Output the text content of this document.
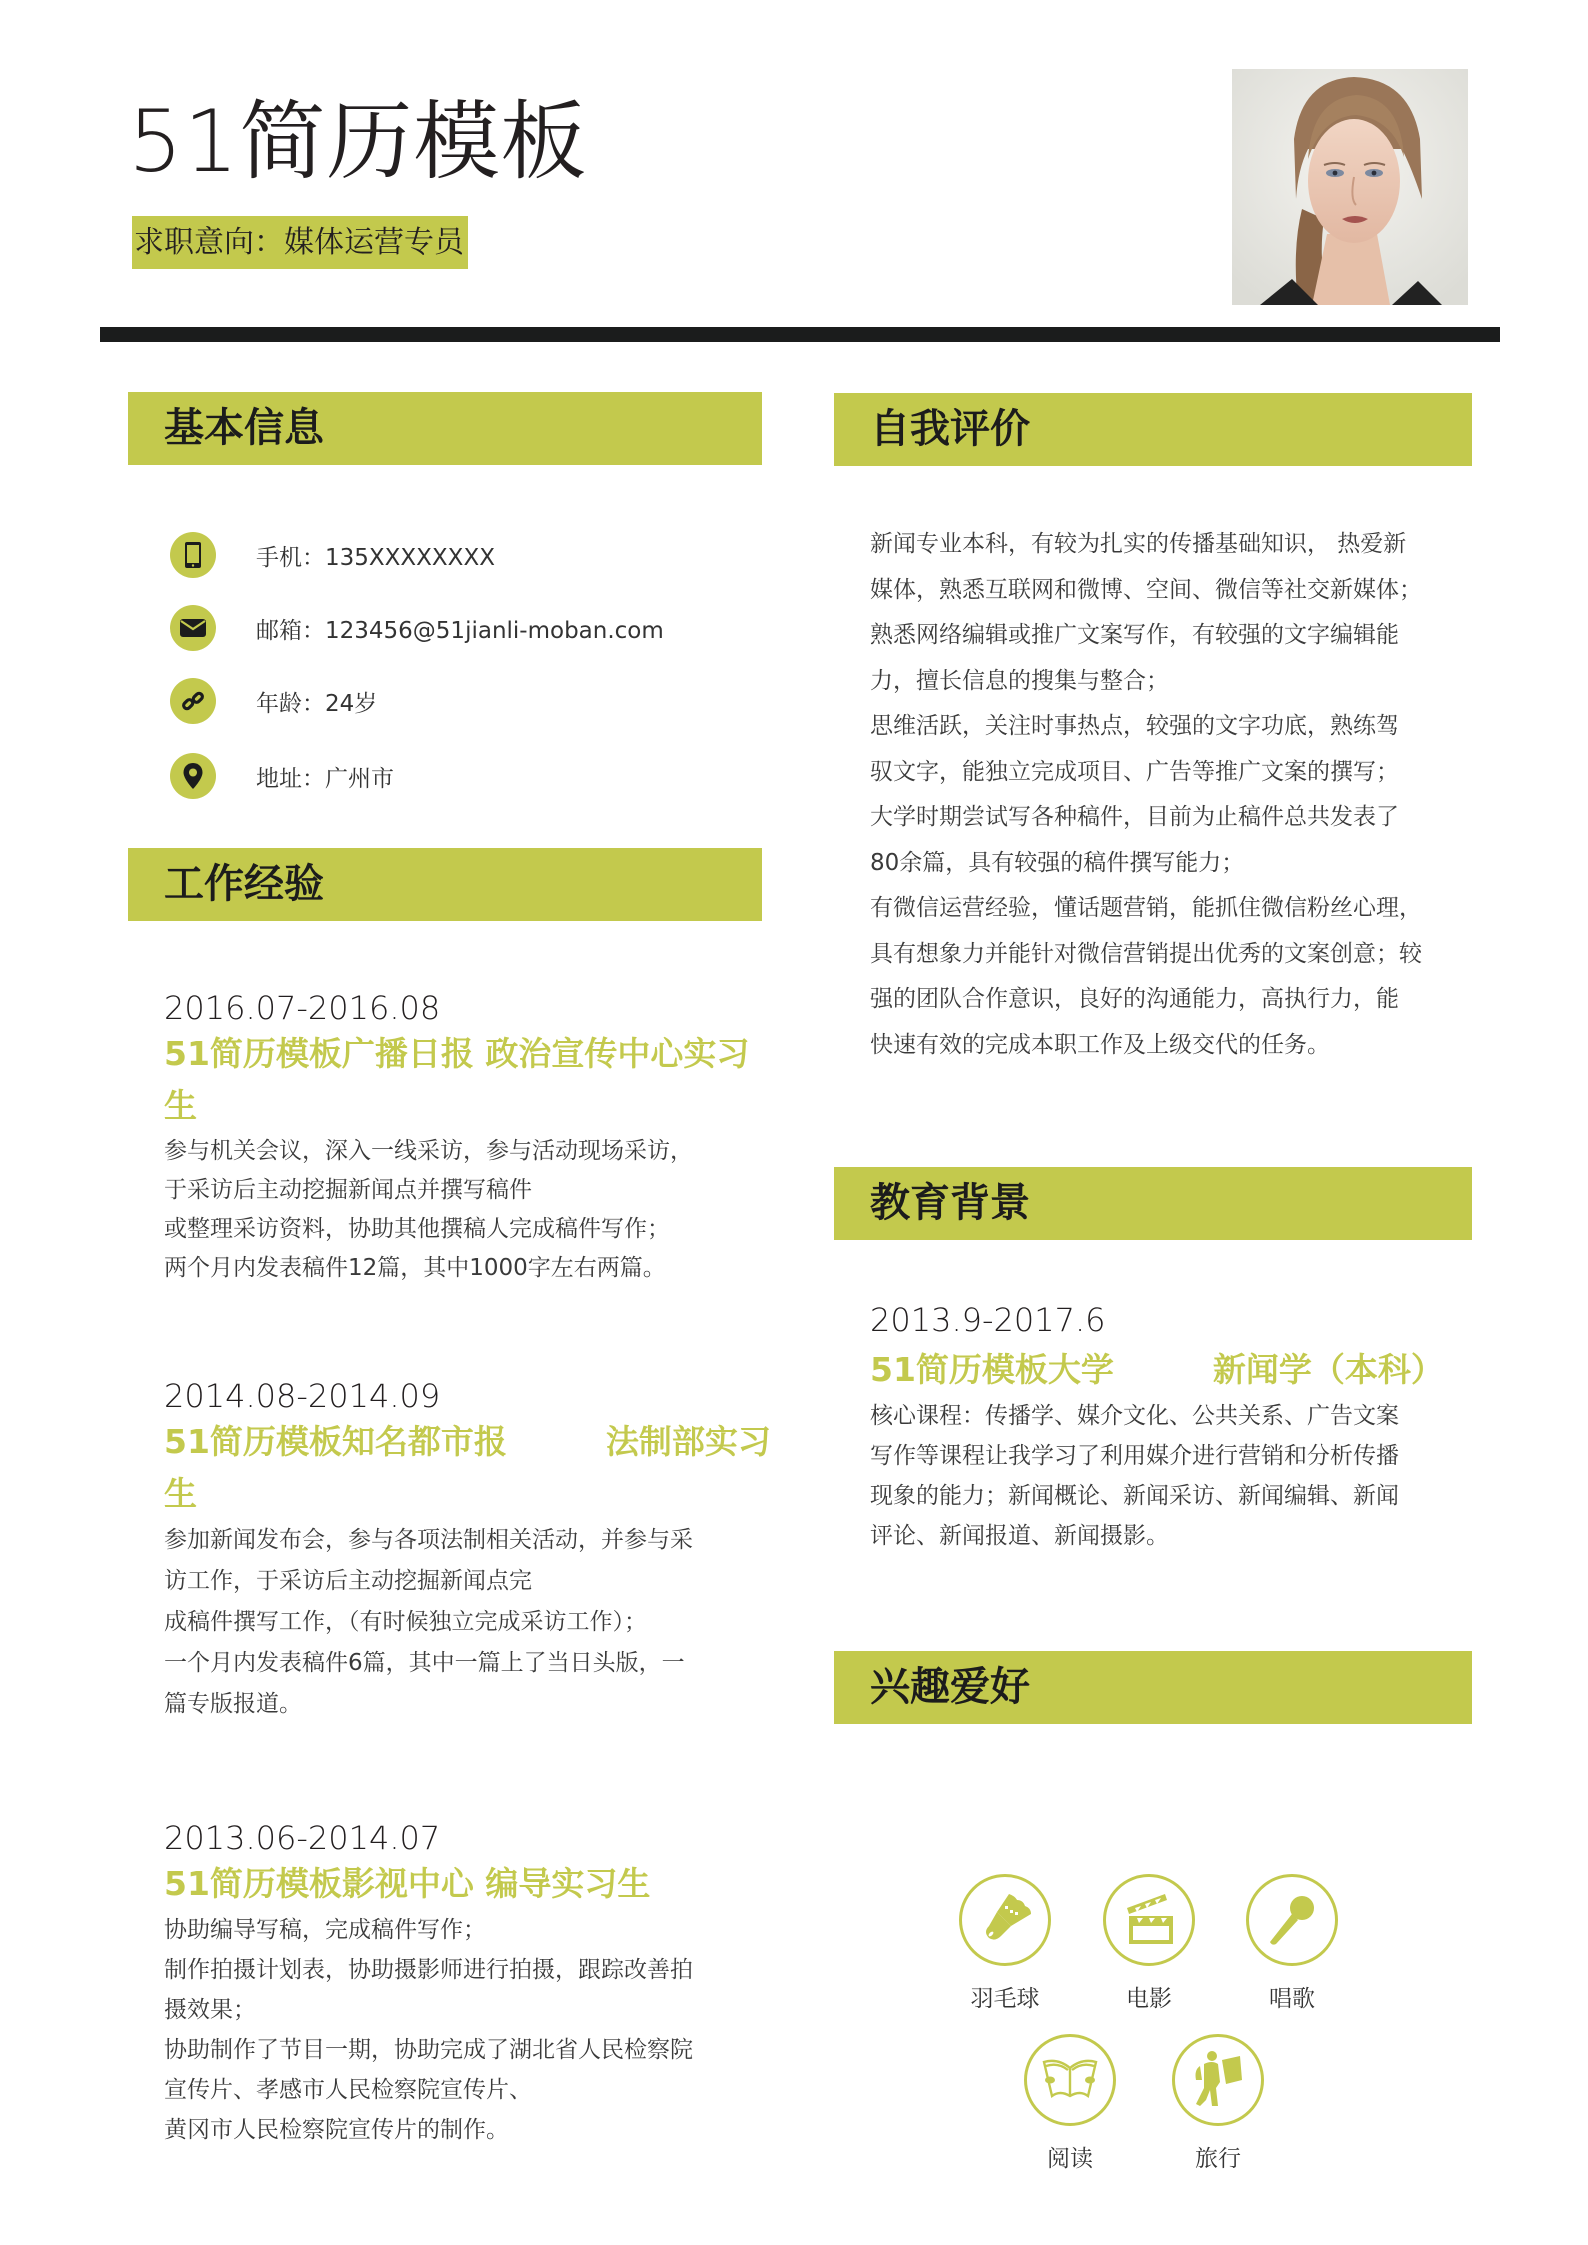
51简历模板
求职意向：媒体运营专员
基本信息
手机：135XXXXXXXX
邮箱：123456@51jianli-moban.com
年龄：24岁
地址：广州市
工作经验
2016.07-2016.08
51简历模板广播日报 政治宣传中心实习生
参与机关会议，深入一线采访，参与活动现场采访，
于采访后主动挖掘新闻点并撰写稿件
或整理采访资料，协助其他撰稿人完成稿件写作；
两个月内发表稿件12篇，其中1000字左右两篇。
2014.08-2014.09
51简历模板知名都市报　　　法制部实习生
参加新闻发布会，参与各项法制相关活动，并参与采
访工作，于采访后主动挖掘新闻点完
成稿件撰写工作，（有时候独立完成采访工作）；
一个月内发表稿件6篇，其中一篇上了当日头版，一
篇专版报道。
2013.06-2014.07
51简历模板影视中心 编导实习生
协助编导写稿，完成稿件写作；
制作拍摄计划表，协助摄影师进行拍摄，跟踪改善拍
摄效果；
协助制作了节目一期，协助完成了湖北省人民检察院
宣传片、孝感市人民检察院宣传片、
黄冈市人民检察院宣传片的制作。
自我评价
新闻专业本科，有较为扎实的传播基础知识， 热爱新
媒体，熟悉互联网和微博、空间、微信等社交新媒体；
熟悉网络编辑或推广文案写作，有较强的文字编辑能
力，擅长信息的搜集与整合；
思维活跃，关注时事热点，较强的文字功底，熟练驾
驭文字，能独立完成项目、广告等推广文案的撰写；
大学时期尝试写各种稿件，目前为止稿件总共发表了
80余篇，具有较强的稿件撰写能力；
有微信运营经验，懂话题营销，能抓住微信粉丝心理，
具有想象力并能针对微信营销提出优秀的文案创意；较
强的团队合作意识，良好的沟通能力，高执行力，能
快速有效的完成本职工作及上级交代的任务。
教育背景
2013.9-2017.6
51简历模板大学　　　新闻学（本科）
核心课程：传播学、媒介文化、公共关系、广告文案
写作等课程让我学习了利用媒介进行营销和分析传播
现象的能力；新闻概论、新闻采访、新闻编辑、新闻
评论、新闻报道、新闻摄影。
兴趣爱好
羽毛球	电影	唱歌
阅读	旅行
